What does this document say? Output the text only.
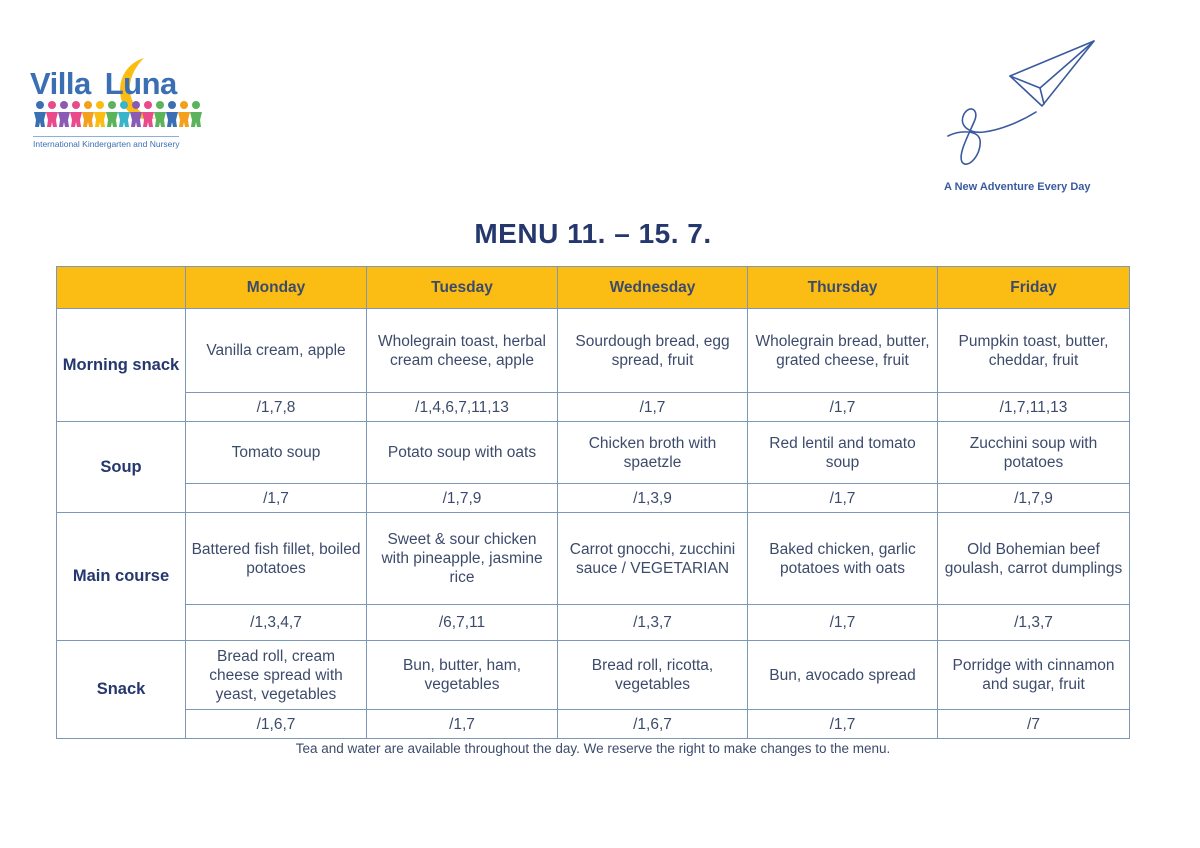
Villa Luna
International Kindergarten and Nursery
A New Adventure Every Day
MENU 11. – 15. 7.
	Monday	Tuesday	Wednesday	Thursday	Friday
Morning snack	Vanilla cream, apple	Wholegrain toast, herbal cream cheese, apple	Sourdough bread, egg spread, fruit	Wholegrain bread, butter, grated cheese, fruit	Pumpkin toast, butter, cheddar, fruit
	/1,7,8	/1,4,6,7,11,13	/1,7	/1,7	/1,7,11,13
Soup	Tomato soup	Potato soup with oats	Chicken broth with spaetzle	Red lentil and tomato soup	Zucchini soup with potatoes
	/1,7	/1,7,9	/1,3,9	/1,7	/1,7,9
Main course	Battered fish fillet, boiled potatoes	Sweet & sour chicken with pineapple, jasmine rice	Carrot gnocchi, zucchini sauce / VEGETARIAN	Baked chicken, garlic potatoes with oats	Old Bohemian beef goulash, carrot dumplings
	/1,3,4,7	/6,7,11	/1,3,7	/1,7	/1,3,7
Snack	Bread roll, cream cheese spread with yeast, vegetables	Bun, butter, ham, vegetables	Bread roll, ricotta, vegetables	Bun, avocado spread	Porridge with cinnamon and sugar, fruit
	/1,6,7	/1,7	/1,6,7	/1,7	/7
Tea and water are available throughout the day. We reserve the right to make changes to the menu.
